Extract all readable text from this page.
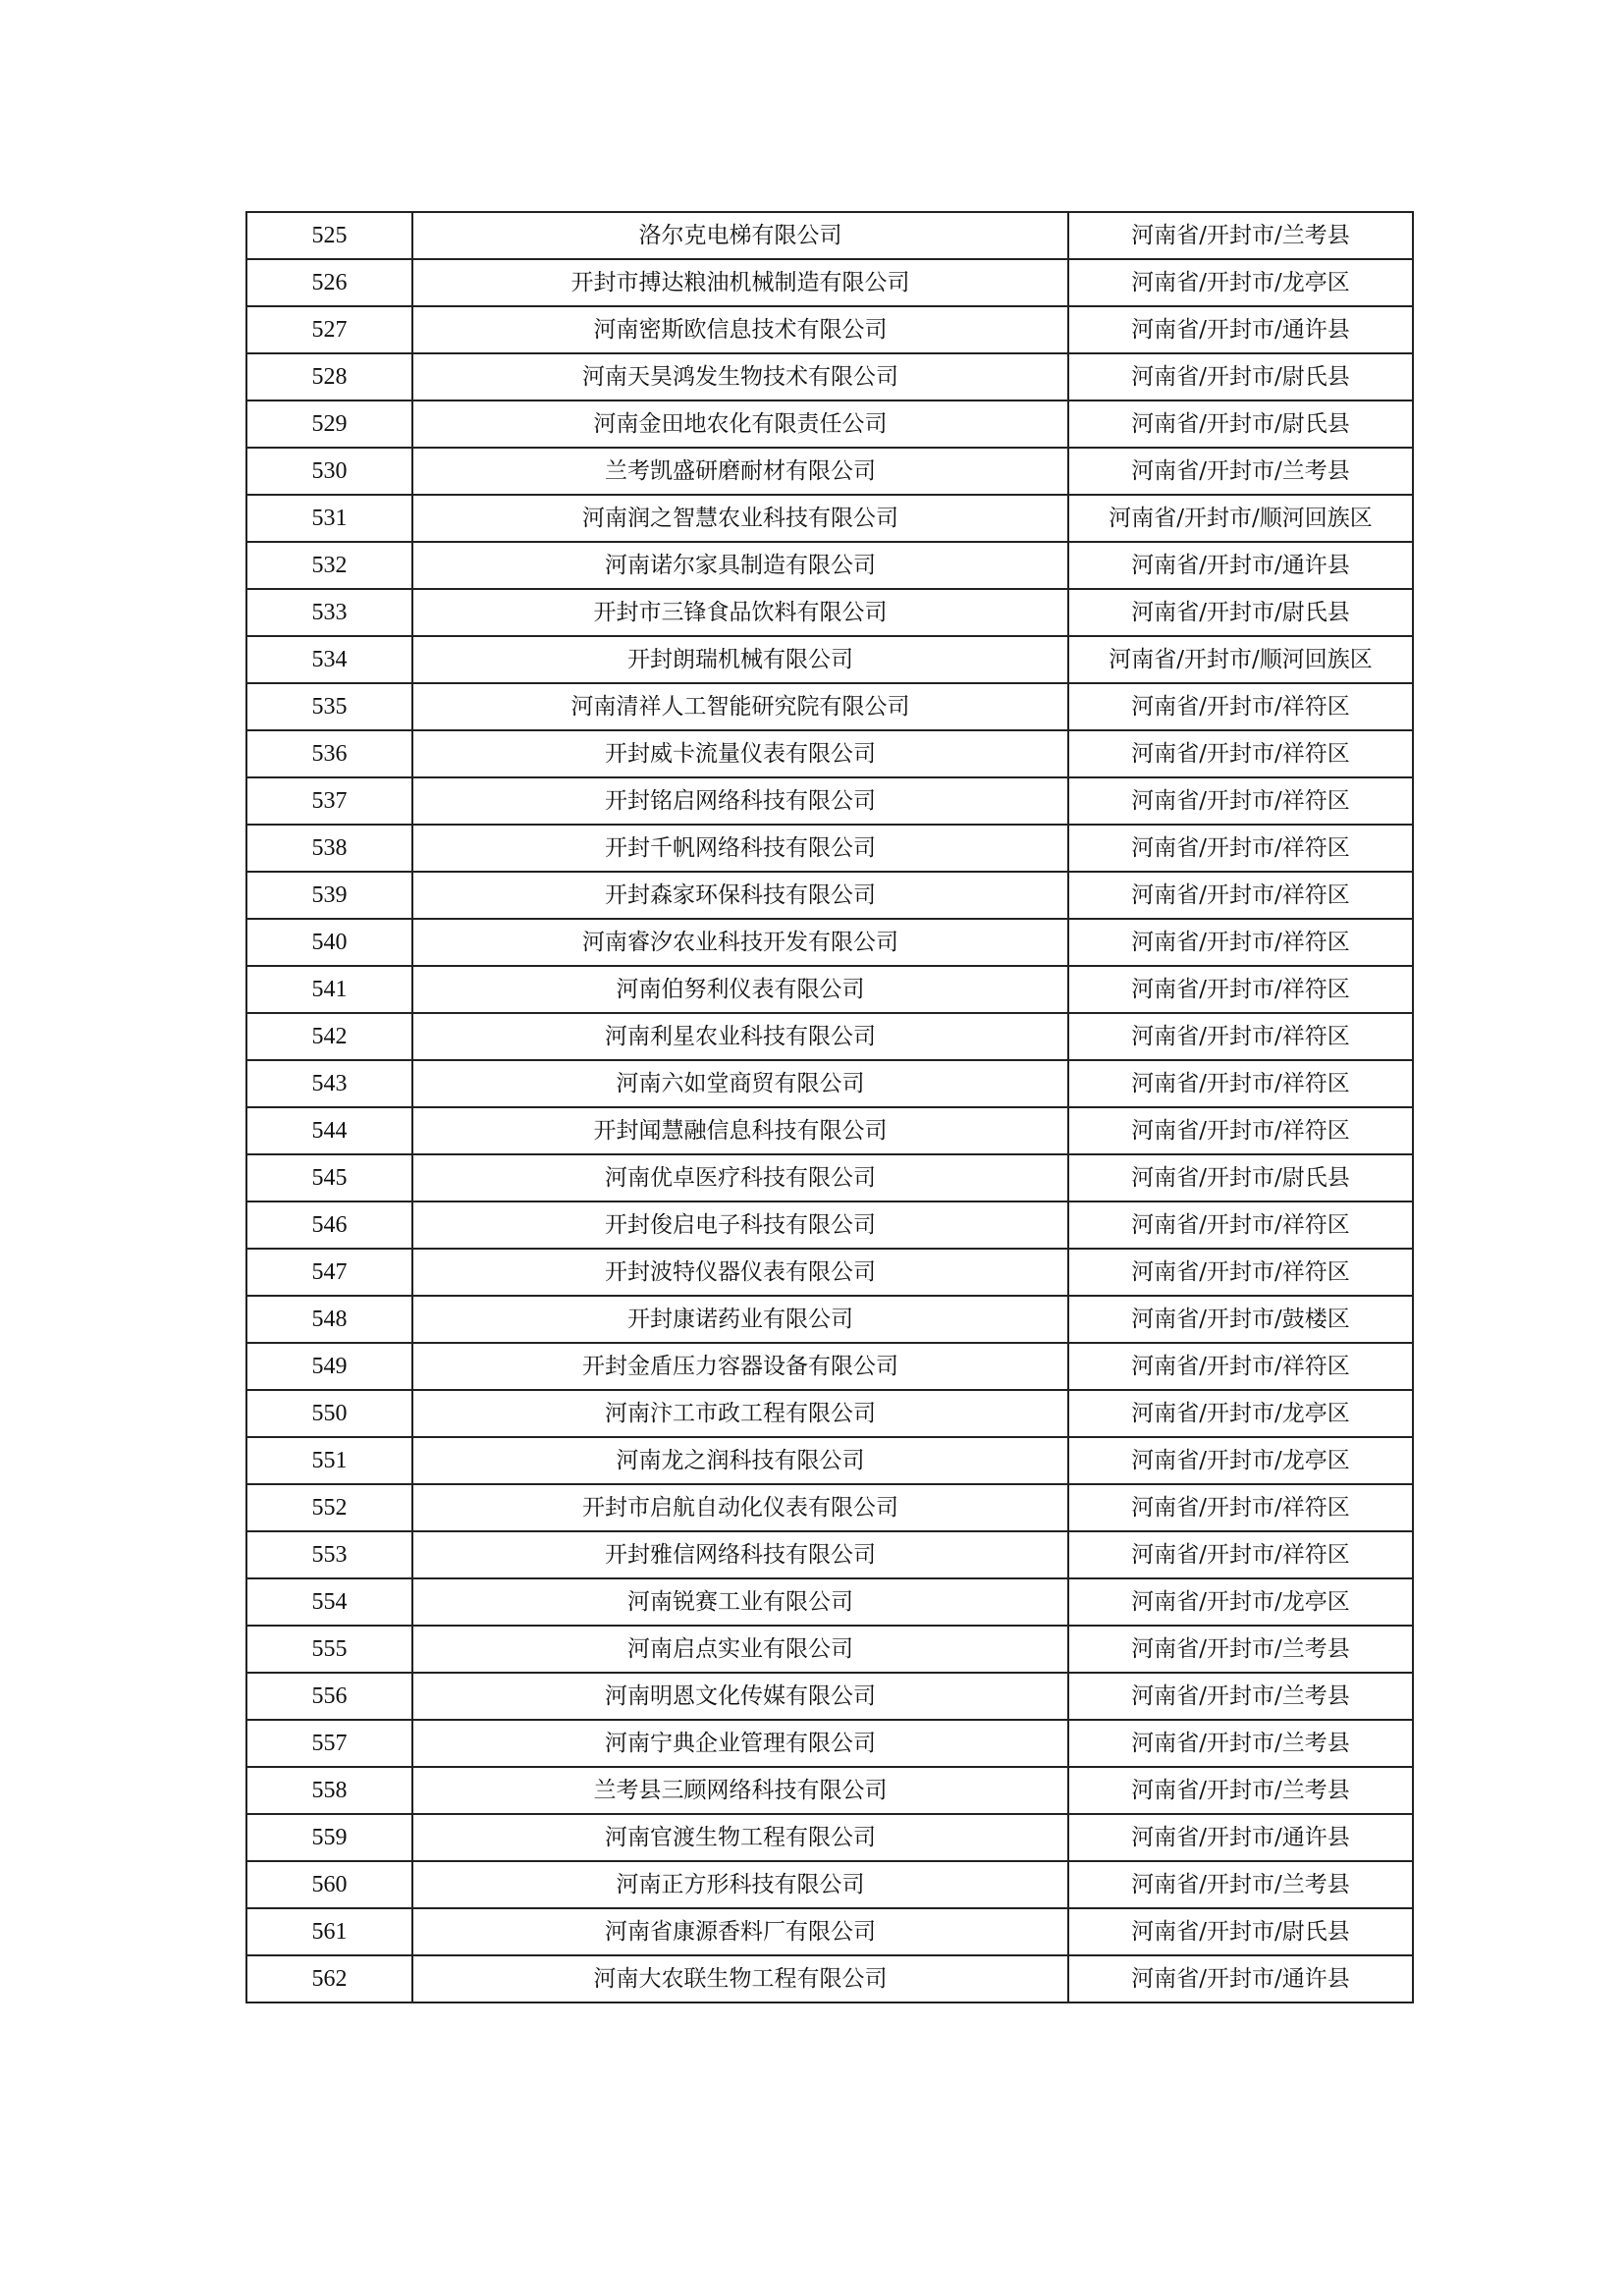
525	洛尔克电梯有限公司	河南省/开封市/兰考县
526	开封市搏达粮油机械制造有限公司	河南省/开封市/龙亭区
527	河南密斯欧信息技术有限公司	河南省/开封市/通许县
528	河南天昊鸿发生物技术有限公司	河南省/开封市/尉氏县
529	河南金田地农化有限责任公司	河南省/开封市/尉氏县
530	兰考凯盛研磨耐材有限公司	河南省/开封市/兰考县
531	河南润之智慧农业科技有限公司	河南省/开封市/顺河回族区
532	河南诺尔家具制造有限公司	河南省/开封市/通许县
533	开封市三锋食品饮料有限公司	河南省/开封市/尉氏县
534	开封朗瑞机械有限公司	河南省/开封市/顺河回族区
535	河南清祥人工智能研究院有限公司	河南省/开封市/祥符区
536	开封威卡流量仪表有限公司	河南省/开封市/祥符区
537	开封铭启网络科技有限公司	河南省/开封市/祥符区
538	开封千帆网络科技有限公司	河南省/开封市/祥符区
539	开封森家环保科技有限公司	河南省/开封市/祥符区
540	河南睿汐农业科技开发有限公司	河南省/开封市/祥符区
541	河南伯努利仪表有限公司	河南省/开封市/祥符区
542	河南利星农业科技有限公司	河南省/开封市/祥符区
543	河南六如堂商贸有限公司	河南省/开封市/祥符区
544	开封闻慧融信息科技有限公司	河南省/开封市/祥符区
545	河南优卓医疗科技有限公司	河南省/开封市/尉氏县
546	开封俊启电子科技有限公司	河南省/开封市/祥符区
547	开封波特仪器仪表有限公司	河南省/开封市/祥符区
548	开封康诺药业有限公司	河南省/开封市/鼓楼区
549	开封金盾压力容器设备有限公司	河南省/开封市/祥符区
550	河南汴工市政工程有限公司	河南省/开封市/龙亭区
551	河南龙之润科技有限公司	河南省/开封市/龙亭区
552	开封市启航自动化仪表有限公司	河南省/开封市/祥符区
553	开封雅信网络科技有限公司	河南省/开封市/祥符区
554	河南锐赛工业有限公司	河南省/开封市/龙亭区
555	河南启点实业有限公司	河南省/开封市/兰考县
556	河南明恩文化传媒有限公司	河南省/开封市/兰考县
557	河南宁典企业管理有限公司	河南省/开封市/兰考县
558	兰考县三顾网络科技有限公司	河南省/开封市/兰考县
559	河南官渡生物工程有限公司	河南省/开封市/通许县
560	河南正方形科技有限公司	河南省/开封市/兰考县
561	河南省康源香料厂有限公司	河南省/开封市/尉氏县
562	河南大农联生物工程有限公司	河南省/开封市/通许县
